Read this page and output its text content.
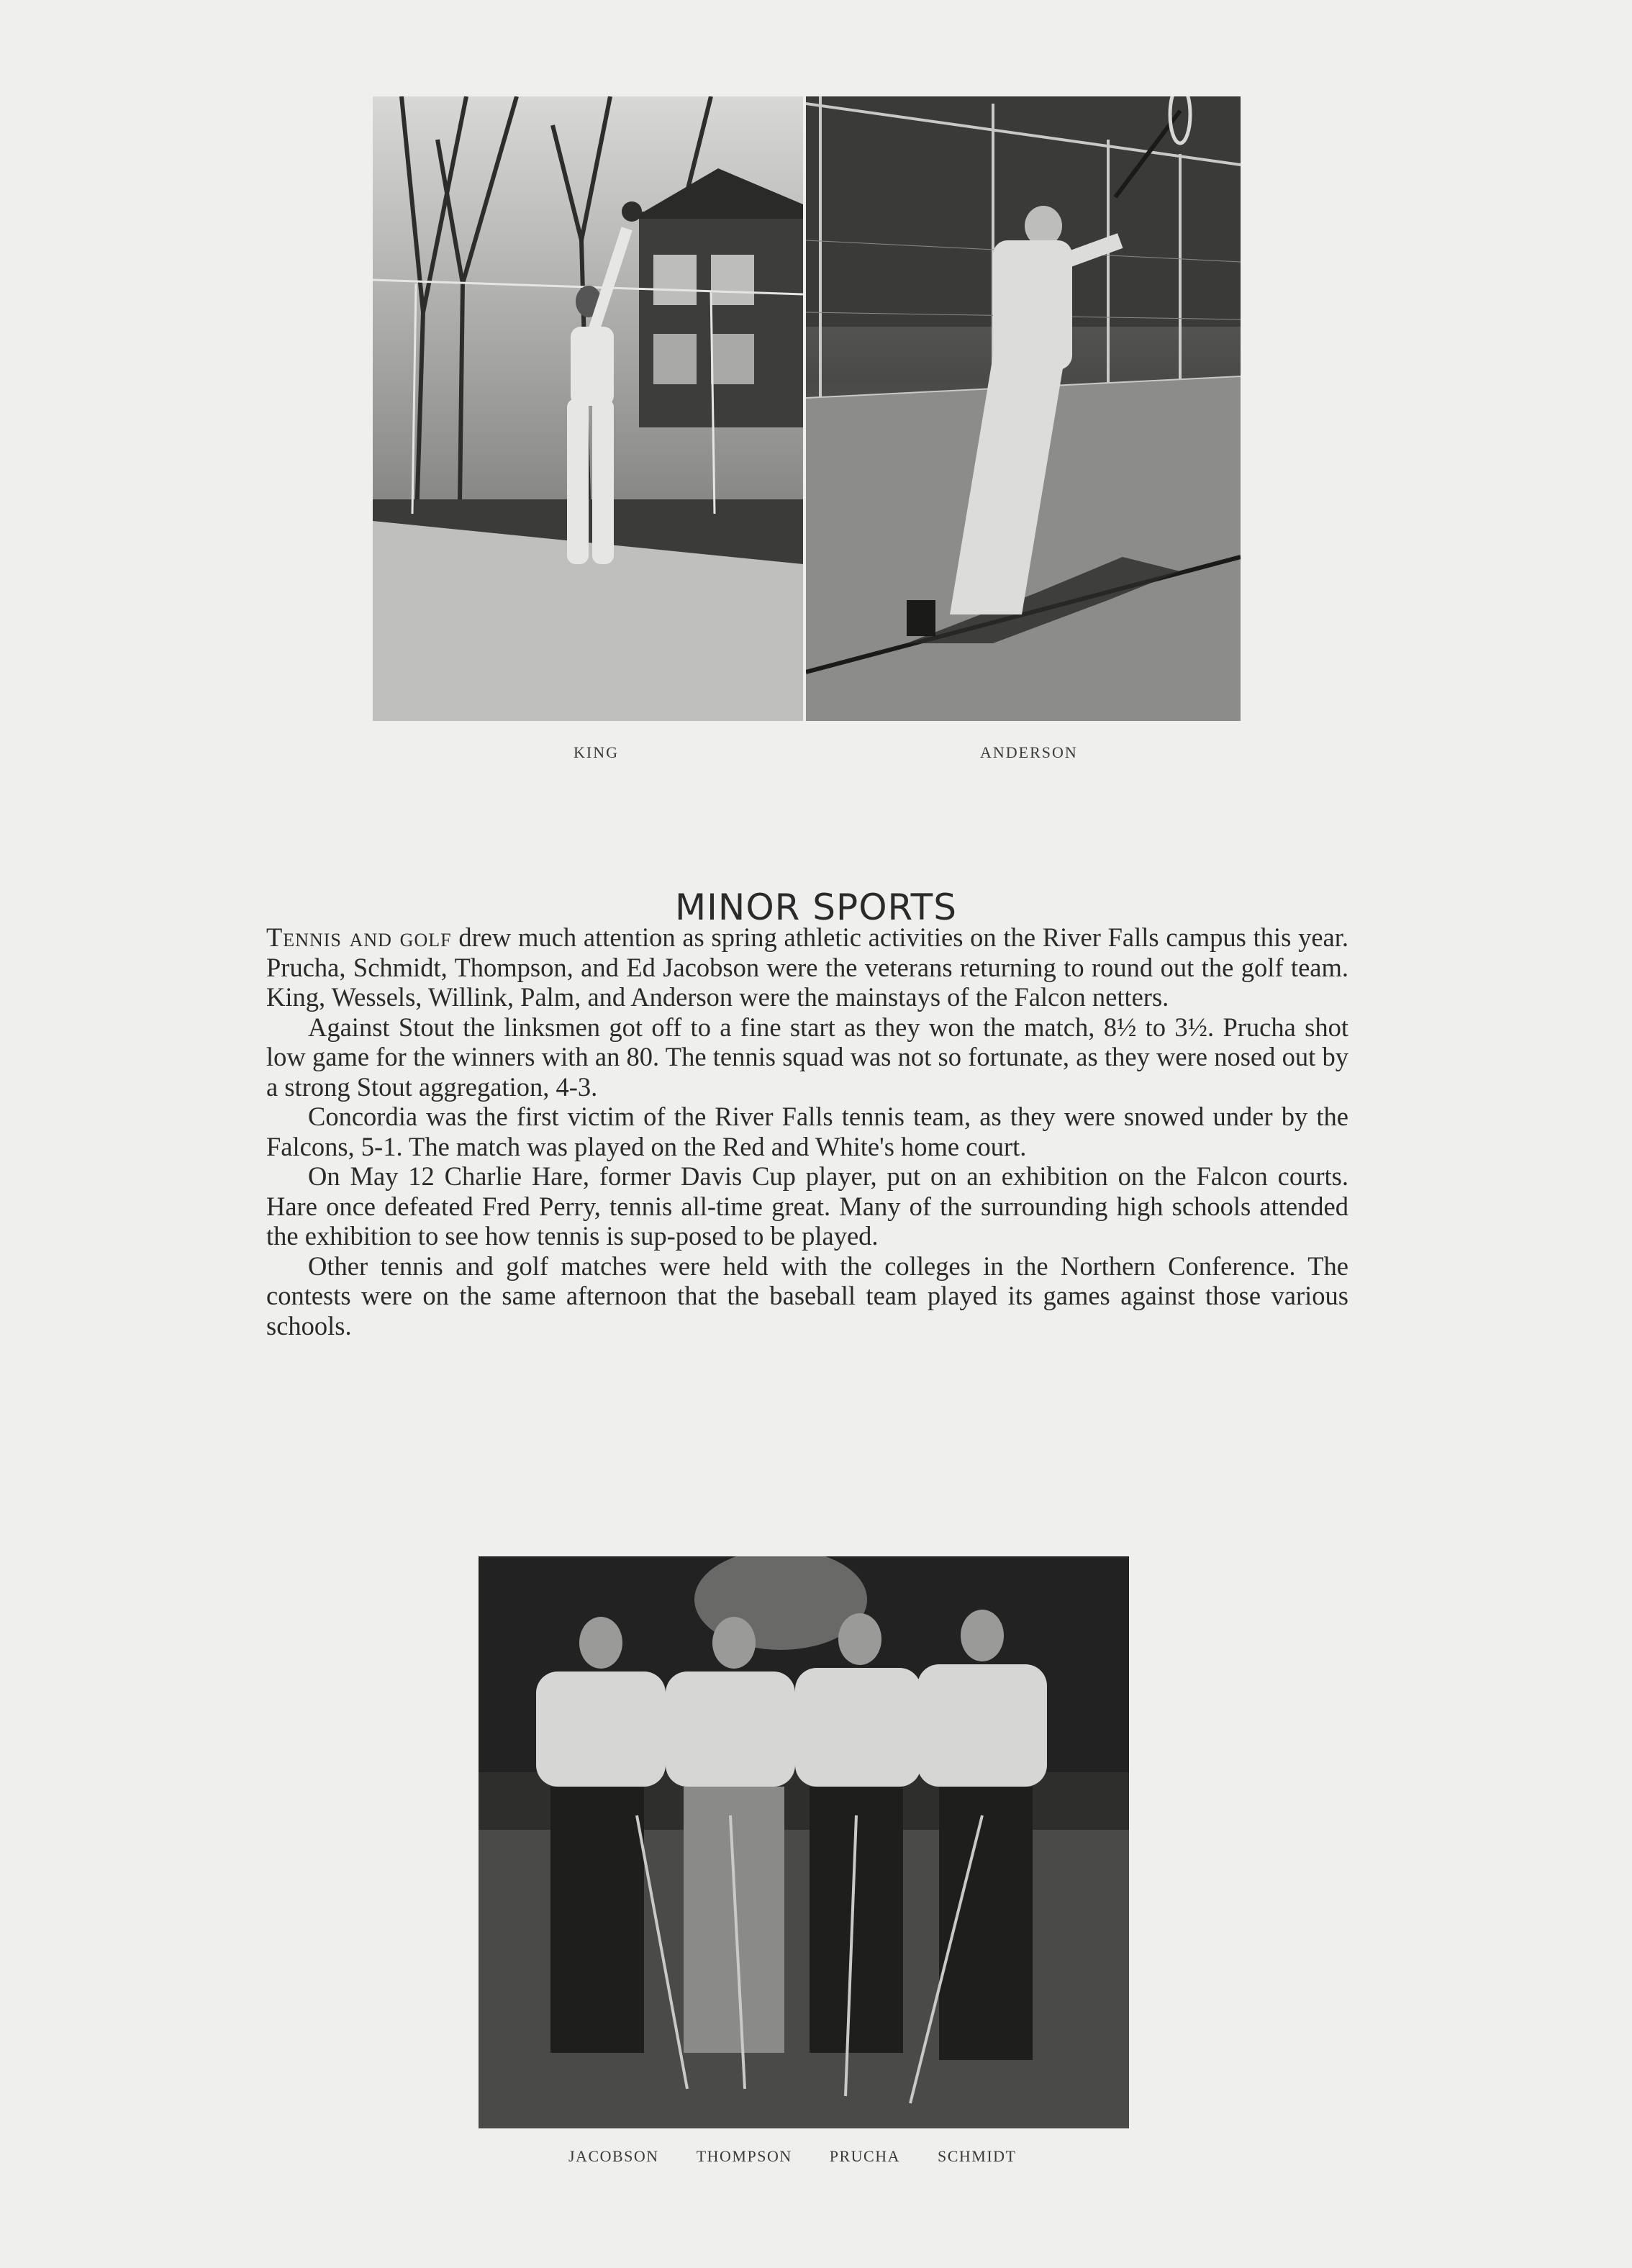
KING	ANDERSON
MINOR SPORTS

Tennis and golf drew much attention as spring athletic activities on the River Falls campus this year. Prucha, Schmidt, Thompson, and Ed Jacobson were the veterans returning to round out the golf team. King, Wessels, Willink, Palm, and Anderson were the mainstays of the Falcon netters.

Against Stout the linksmen got off to a fine start as they won the match, 8½ to 3½. Prucha shot low game for the winners with an 80. The tennis squad was not so fortunate, as they were nosed out by a strong Stout aggregation, 4-3.

Concordia was the first victim of the River Falls tennis team, as they were snowed under by the Falcons, 5-1. The match was played on the Red and White's home court.

On May 12 Charlie Hare, former Davis Cup player, put on an exhibition on the Falcon courts. Hare once defeated Fred Perry, tennis all-time great. Many of the surrounding high schools attended the exhibition to see how tennis is sup-posed to be played.

Other tennis and golf matches were held with the colleges in the Northern Conference. The contests were on the same afternoon that the baseball team played its games against those various schools.

JACOBSON THOMPSON PRUCHA SCHMIDT
